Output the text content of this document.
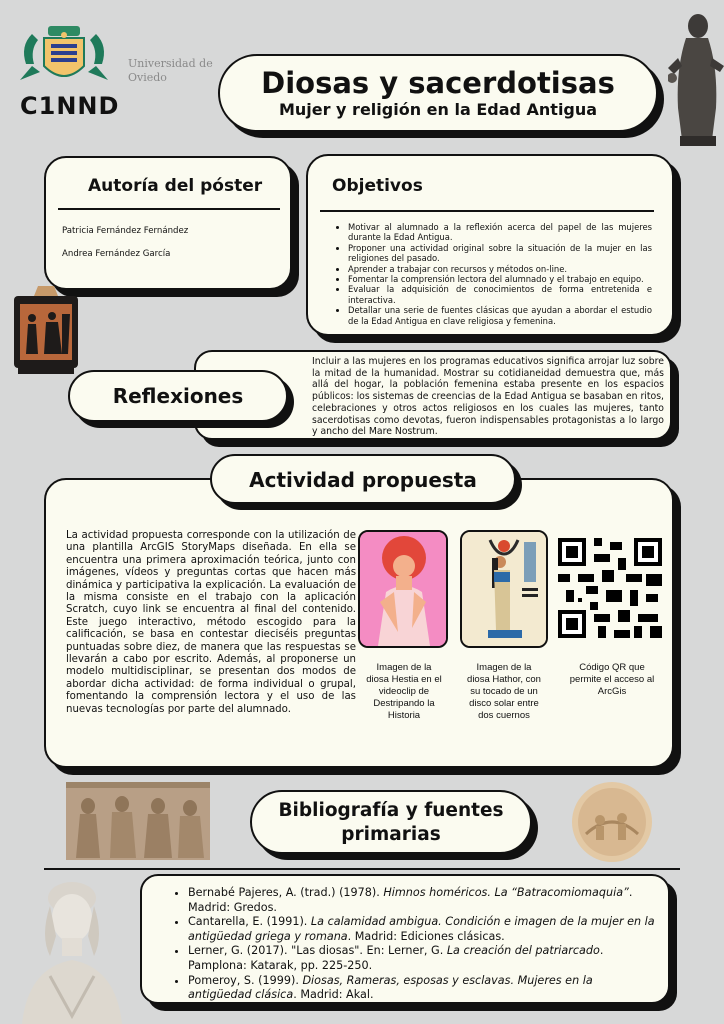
C1NND
Universidad de Oviedo	Diosas y sacerdotisas
Mujer y religión en la Edad Antigua
Autoría del póster
Patricia Fernández Fernández
Andrea Fernández García
Objetivos
• Motivar al alumnado a la reflexión acerca del papel de las mujeres durante la Edad Antigua.
• Proponer una actividad original sobre la situación de la mujer en las religiones del pasado.
• Aprender a trabajar con recursos y métodos on-line.
• Fomentar la comprensión lectora del alumnado y el trabajo en equipo.
• Evaluar la adquisición de conocimientos de forma entretenida e interactiva.
• Detallar una serie de fuentes clásicas que ayudan a abordar el estudio de la Edad Antigua en clave religiosa y femenina.
Incluir a las mujeres en los programas educativos significa arrojar luz sobre la mitad de la humanidad. Mostrar su cotidianeidad demuestra que, más allá del hogar, la población femenina estaba presente en los espacios públicos: los sistemas de creencias de la Edad Antigua se basaban en ritos, celebraciones y otros actos religiosos en los cuales las mujeres, tanto sacerdotisas como devotas, fueron indispensables protagonistas a lo largo y ancho del Mare Nostrum.
Reflexiones
La actividad propuesta corresponde con la utilización de una plantilla ArcGIS StoryMaps diseñada. En ella se encuentra una primera aproximación teórica, junto con imágenes, vídeos y preguntas cortas que hacen más dinámica y participativa la explicación. La evaluación de la misma consiste en el trabajo con la aplicación Scratch, cuyo link se encuentra al final del contenido. Este juego interactivo, método escogido para la calificación, se basa en contestar dieciséis preguntas puntuadas sobre diez, de manera que las respuestas se llevarán a cabo por escrito. Además, al proponerse un modelo multidisciplinar, se presentan dos modos de abordar dicha actividad: de forma individual o grupal, fomentando la comprensión lectora y el uso de las nuevas tecnologías por parte del alumnado.
Imagen de la diosa Hestia en el videoclip de Destripando la Historia
Imagen de la diosa Hathor, con su tocado de un disco solar entre dos cuernos
Código QR que permite el acceso al ArcGis
Actividad propuesta
Bibliografía y fuentes
primarias
• Bernabé Pajeres, A. (trad.) (1978). Himnos homéricos. La “Batracomiomaquia”. Madrid: Gredos.
• Cantarella, E. (1991). La calamidad ambigua. Condición e imagen de la mujer en la antigüedad griega y romana. Madrid: Ediciones clásicas.
• Lerner, G. (2017). "Las diosas". En: Lerner, G. La creación del patriarcado. Pamplona: Katarak, pp. 225-250.
• Pomeroy, S. (1999). Diosas, Rameras, esposas y esclavas. Mujeres en la antigüedad clásica. Madrid: Akal.
